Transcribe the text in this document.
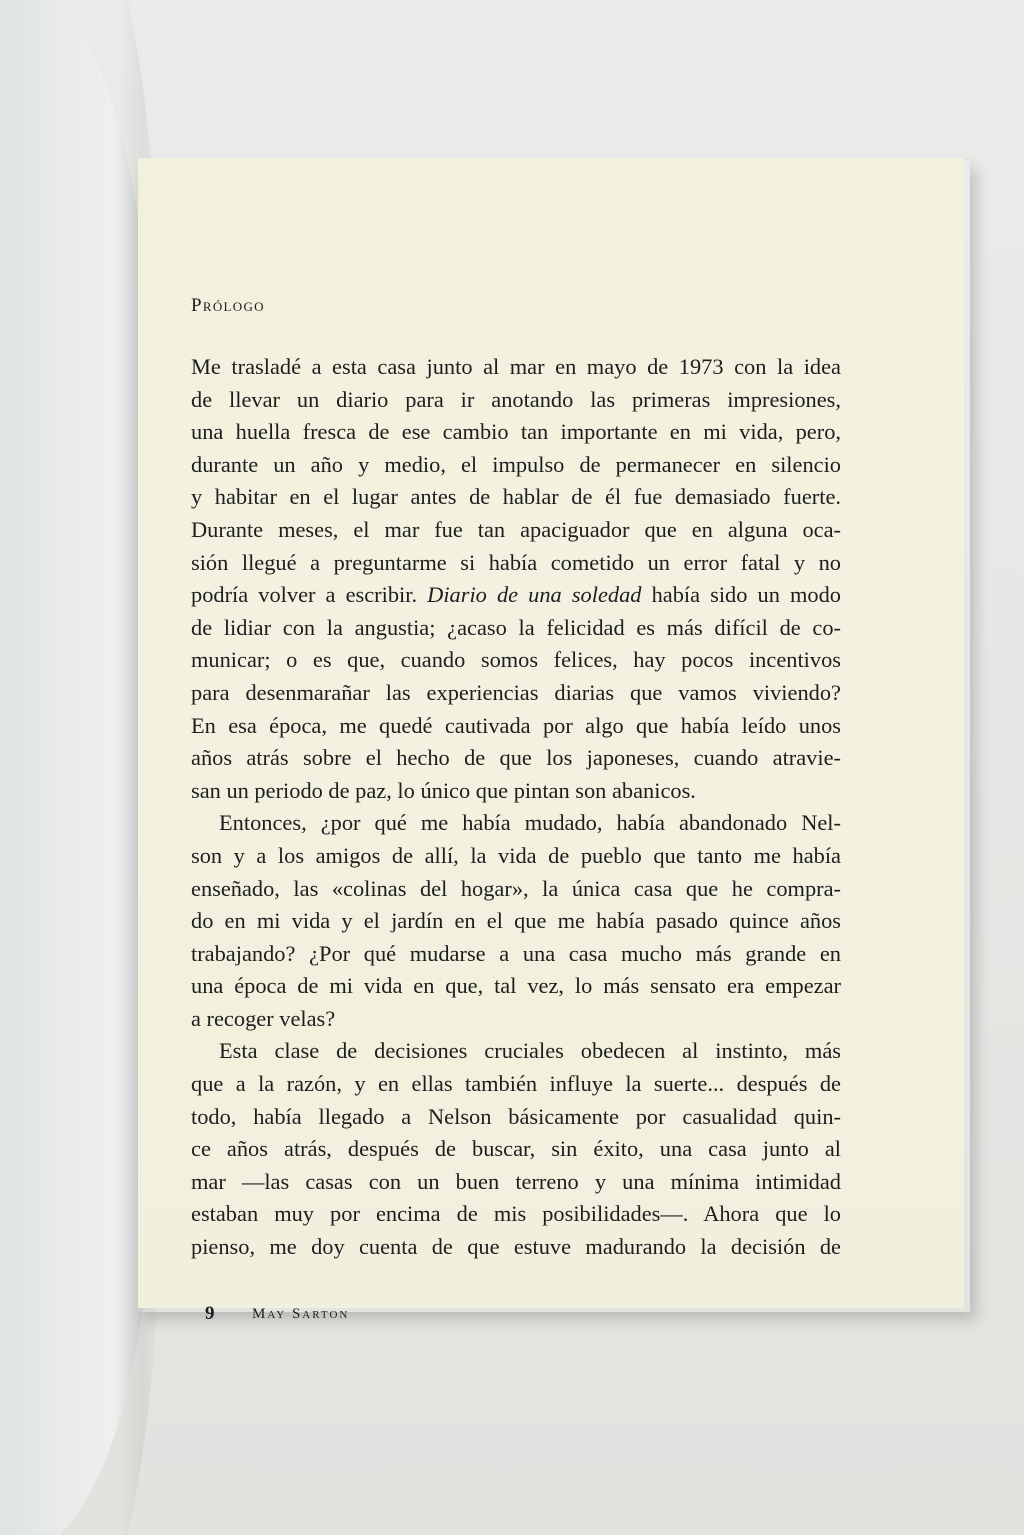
Prólogo

Me trasladé a esta casa junto al mar en mayo de 1973 con la idea
de llevar un diario para ir anotando las primeras impresiones,
una huella fresca de ese cambio tan importante en mi vida, pero,
durante un año y medio, el impulso de permanecer en silencio
y habitar en el lugar antes de hablar de él fue demasiado fuerte.
Durante meses, el mar fue tan apaciguador que en alguna oca-
sión llegué a preguntarme si había cometido un error fatal y no
podría volver a escribir. Diario de una soledad había sido un modo
de lidiar con la angustia; ¿acaso la felicidad es más difícil de co-
municar; o es que, cuando somos felices, hay pocos incentivos
para desenmarañar las experiencias diarias que vamos viviendo?
En esa época, me quedé cautivada por algo que había leído unos
años atrás sobre el hecho de que los japoneses, cuando atravie-
san un periodo de paz, lo único que pintan son abanicos.

Entonces, ¿por qué me había mudado, había abandonado Nel-
son y a los amigos de allí, la vida de pueblo que tanto me había
enseñado, las «colinas del hogar», la única casa que he compra-
do en mi vida y el jardín en el que me había pasado quince años
trabajando? ¿Por qué mudarse a una casa mucho más grande en
una época de mi vida en que, tal vez, lo más sensato era empezar
a recoger velas?

Esta clase de decisiones cruciales obedecen al instinto, más
que a la razón, y en ellas también influye la suerte... después de
todo, había llegado a Nelson básicamente por casualidad quin-
ce años atrás, después de buscar, sin éxito, una casa junto al
mar —las casas con un buen terreno y una mínima intimidad
estaban muy por encima de mis posibilidades—. Ahora que lo
pienso, me doy cuenta de que estuve madurando la decisión de

9	May Sarton
